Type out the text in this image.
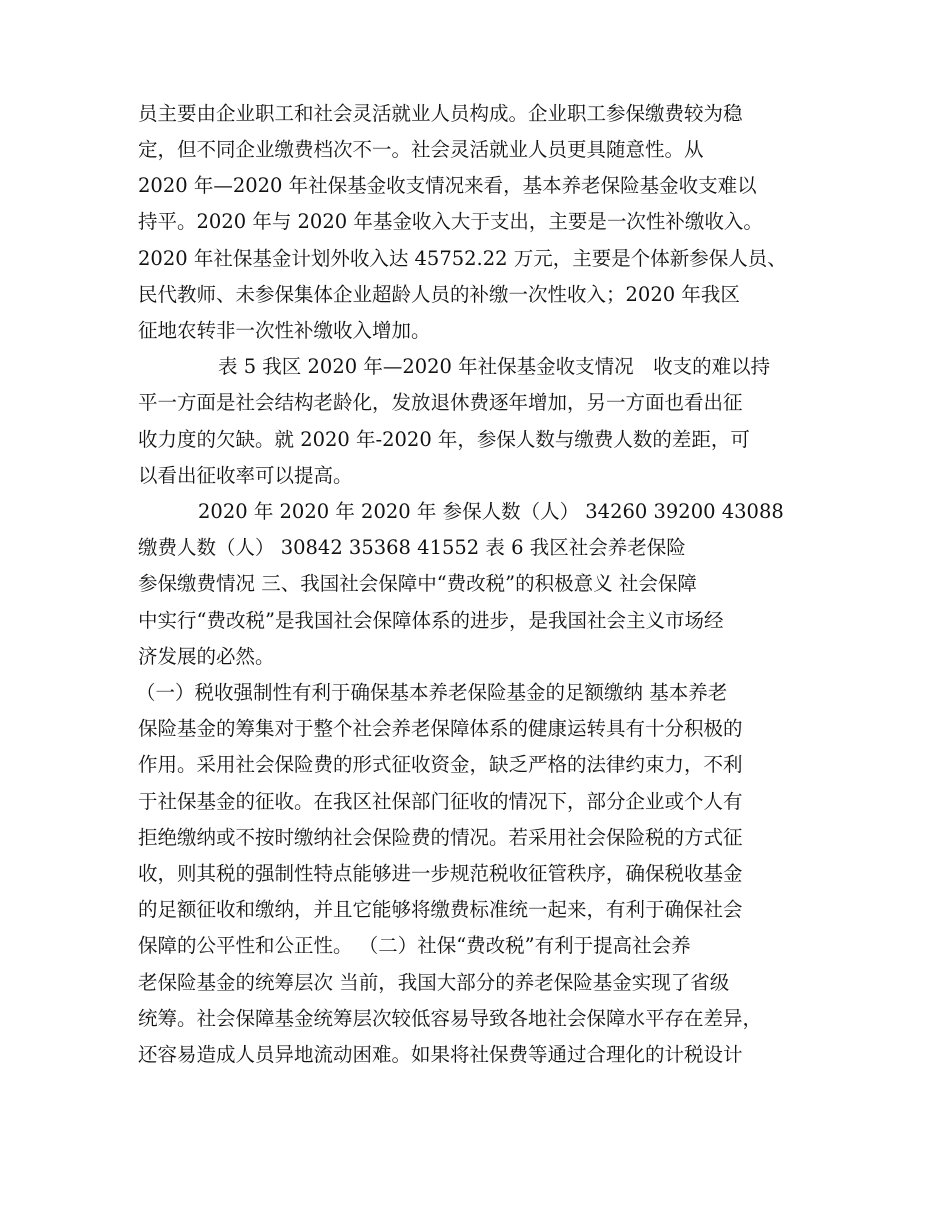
员主要由企业职工和社会灵活就业人员构成。企业职工参保缴费较为稳
定，但不同企业缴费档次不一。社会灵活就业人员更具随意性。从
2020 年—2020 年社保基金收支情况来看，基本养老保险基金收支难以
持平。2020 年与 2020 年基金收入大于支出，主要是一次性补缴收入。
2020 年社保基金计划外收入达 45752.22 万元，主要是个体新参保人员、
民代教师、未参保集体企业超龄人员的补缴一次性收入；2020 年我区
征地农转非一次性补缴收入增加。
表 5 我区 2020 年—2020 年社保基金收支情况　收支的难以持
平一方面是社会结构老龄化，发放退休费逐年增加，另一方面也看出征
收力度的欠缺。就 2020 年-2020 年，参保人数与缴费人数的差距，可
以看出征收率可以提高。
2020 年 2020 年 2020 年 参保人数（人） 34260 39200 43088
缴费人数（人） 30842 35368 41552 表 6 我区社会养老保险
参保缴费情况 三、我国社会保障中“费改税”的积极意义 社会保障
中实行“费改税”是我国社会保障体系的进步，是我国社会主义市场经
济发展的必然。
（一）税收强制性有利于确保基本养老保险基金的足额缴纳 基本养老
保险基金的筹集对于整个社会养老保障体系的健康运转具有十分积极的
作用。采用社会保险费的形式征收资金，缺乏严格的法律约束力，不利
于社保基金的征收。在我区社保部门征收的情况下，部分企业或个人有
拒绝缴纳或不按时缴纳社会保险费的情况。若采用社会保险税的方式征
收，则其税的强制性特点能够进一步规范税收征管秩序，确保税收基金
的足额征收和缴纳，并且它能够将缴费标准统一起来，有利于确保社会
保障的公平性和公正性。 （二）社保“费改税”有利于提高社会养
老保险基金的统筹层次 当前，我国大部分的养老保险基金实现了省级
统筹。社会保障基金统筹层次较低容易导致各地社会保障水平存在差异，
还容易造成人员异地流动困难。如果将社保费等通过合理化的计税设计
